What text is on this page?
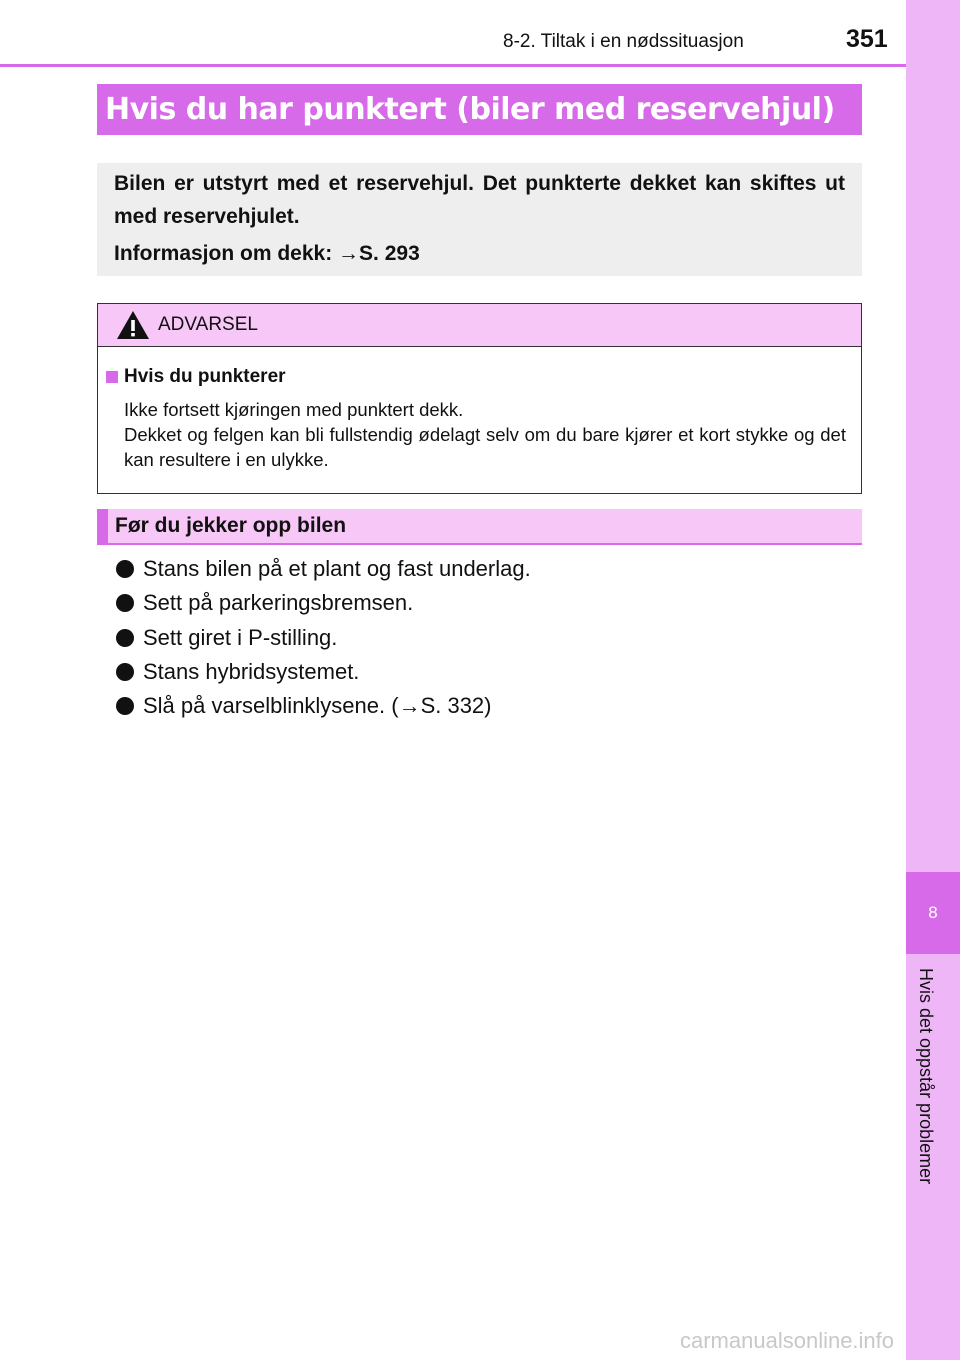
8-2. Tiltak i en nødssituasjon	351
8
Hvis det oppstår problemer
Hvis du har punktert (biler med reservehjul)
Bilen er utstyrt med et reservehjul. Det punkterte dekket kan skiftes ut med reservehjulet.
Informasjon om dekk: →S. 293
ADVARSEL
Hvis du punkterer
Ikke fortsett kjøringen med punktert dekk.
Dekket og felgen kan bli fullstendig ødelagt selv om du bare kjører et kort stykke og det kan resultere i en ulykke.
Før du jekker opp bilen
Stans bilen på et plant og fast underlag.
Sett på parkeringsbremsen.
Sett giret i P-stilling.
Stans hybridsystemet.
Slå på varselblinklysene. (→S. 332)
carmanualsonline.info
